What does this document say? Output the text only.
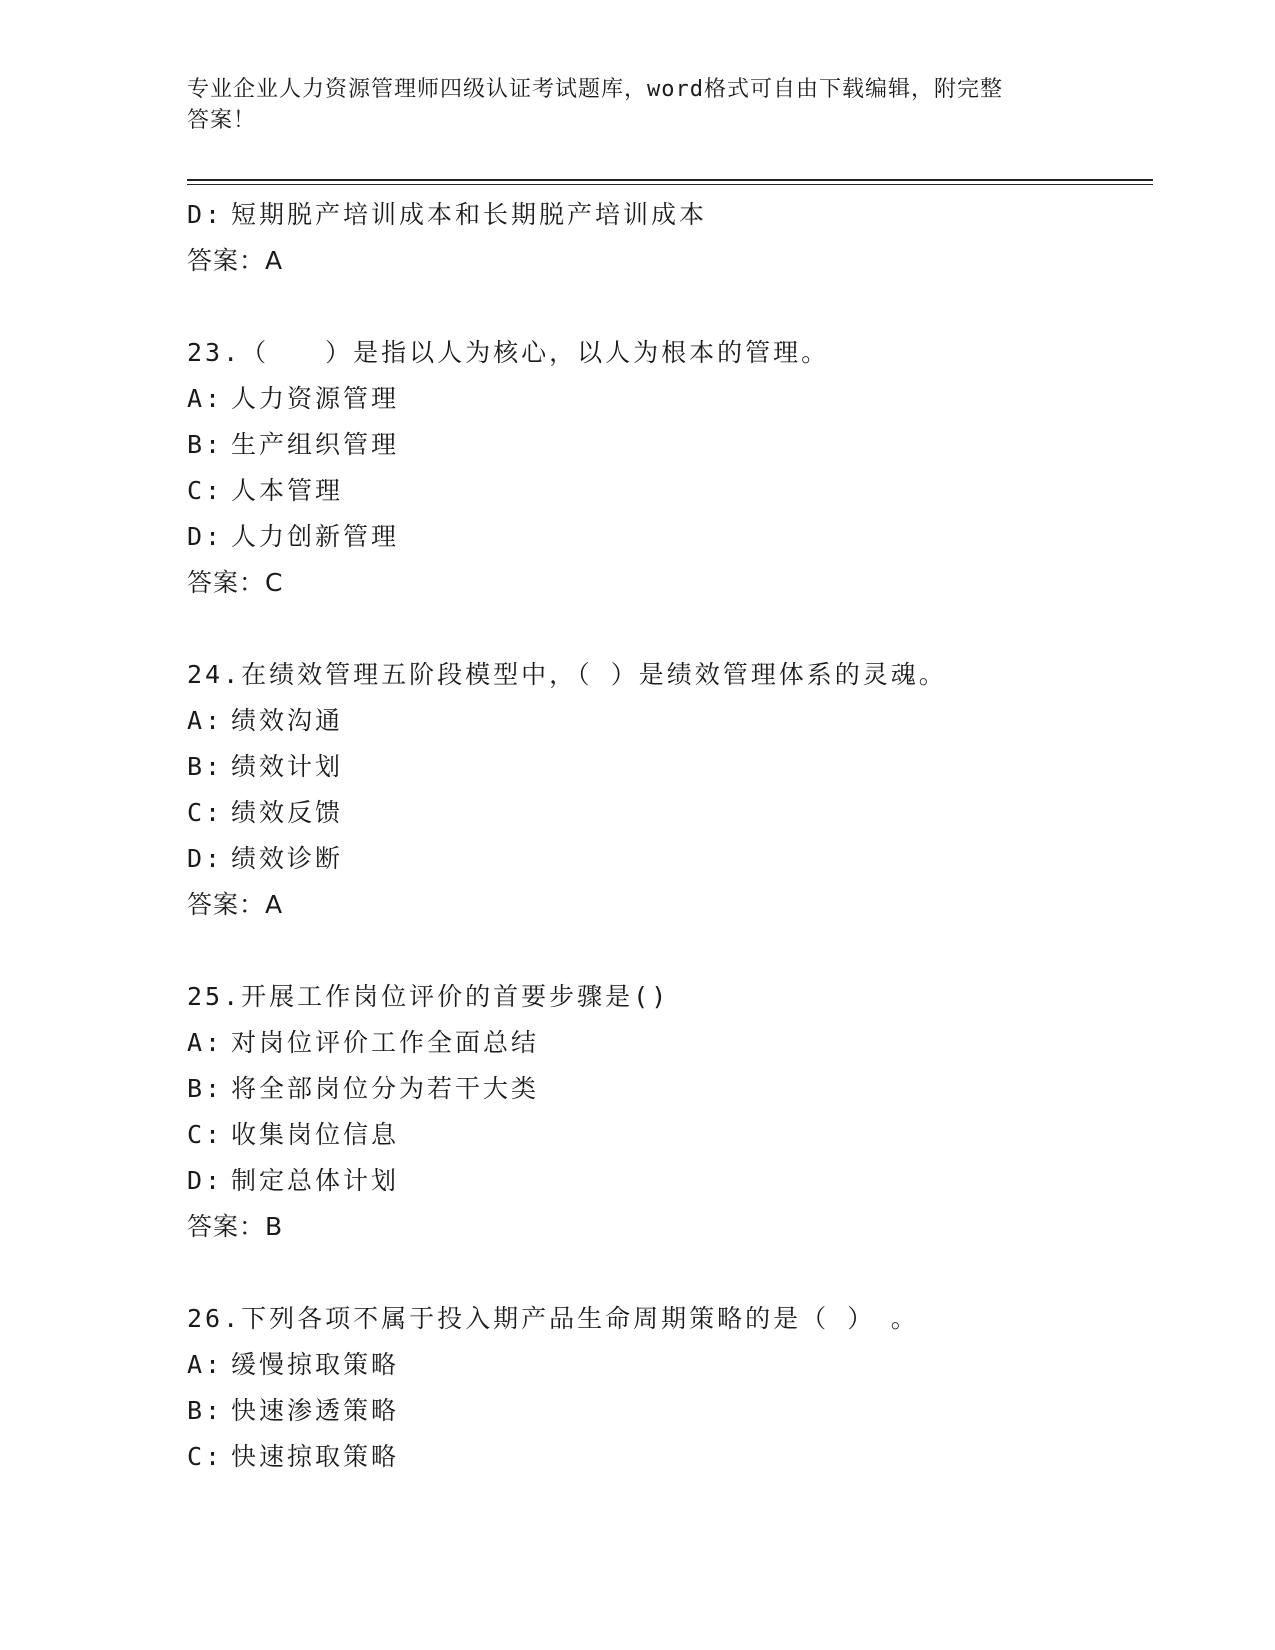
专业企业人力资源管理师四级认证考试题库，word格式可自由下载编辑，附完整
答案！
D: 短期脱产培训成本和长期脱产培训成本
答案：A
23.（　　）是指以人为核心，以人为根本的管理。
A: 人力资源管理
B: 生产组织管理
C: 人本管理
D: 人力创新管理
答案：C
24.在绩效管理五阶段模型中，（ ）是绩效管理体系的灵魂。
A: 绩效沟通
B: 绩效计划
C: 绩效反馈
D: 绩效诊断
答案：A
25.开展工作岗位评价的首要步骤是()
A: 对岗位评价工作全面总结
B: 将全部岗位分为若干大类
C: 收集岗位信息
D: 制定总体计划
答案：B
26.下列各项不属于投入期产品生命周期策略的是（ ）　。
A: 缓慢掠取策略
B: 快速渗透策略
C: 快速掠取策略
